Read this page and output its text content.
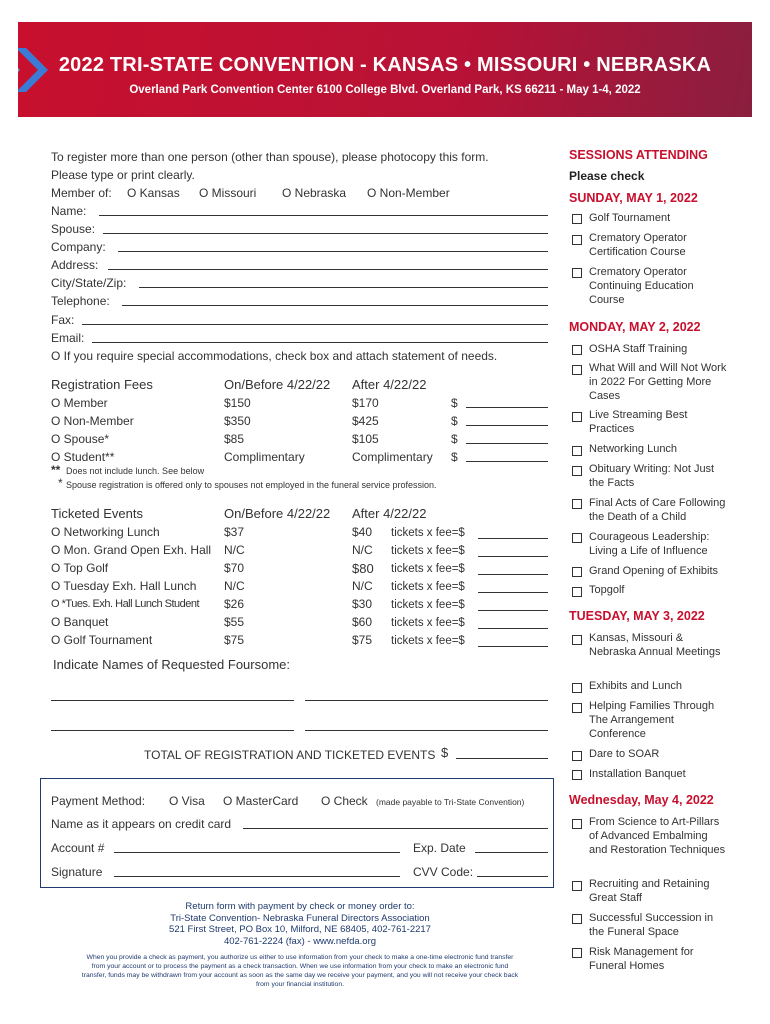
2022 TRI-STATE CONVENTION - KANSAS • MISSOURI • NEBRASKA
Overland Park Convention Center 6100 College Blvd. Overland Park, KS 66211 - May 1-4, 2022
To register more than one person (other than spouse), please photocopy this form.
Please type or print clearly.
Member of: O Kansas O Missouri O Nebraska O Non-Member
Name:
Spouse:
Company:
Address:
City/State/Zip:
Telephone:
Fax:
Email:
O If you require special accommodations, check box and attach statement of needs.
Registration Fees	On/Before 4/22/22 After 4/22/22
O Member	$150	$170	$
O Non-Member	$350	$425	$
O Spouse*	$85	$105	$
O Student**	Complimentary	Complimentary $
** Does not include lunch. See below
* Spouse registration is offered only to spouses not employed in the funeral service profession.
Ticketed Events	On/Before 4/22/22 After 4/22/22
O Networking Lunch	$37	$40 tickets x fee=$
O Mon. Grand Open Exh. Hall N/C	N/C tickets x fee=$
O Top Golf	$70	$80 tickets x fee=$
O Tuesday Exh. Hall Lunch N/C	N/C tickets x fee=$
O *Tues. Exh. Hall Lunch Student $26	$30 tickets x fee=$
O Banquet	$55	$60 tickets x fee=$
O Golf Tournament	$75	$75 tickets x fee=$
Indicate Names of Requested Foursome:
TOTAL OF REGISTRATION AND TICKETED EVENTS $
Payment Method: O Visa O MasterCard O Check (made payable to Tri-State Convention)
Name as it appears on credit card
Account #	Exp. Date
Signature	CVV Code:
Return form with payment by check or money order to:
Tri-State Convention- Nebraska Funeral Directors Association
521 First Street, PO Box 10, Milford, NE 68405, 402-761-2217
402-761-2224 (fax) - www.nefda.org
When you provide a check as payment, you authorize us either to use information from your check to make a one-time electronic fund transfer
from your account or to process the payment as a check transaction. When we use information from your check to make an electronic fund
transfer, funds may be withdrawn from your account as soon as the same day we receive your payment, and you will not receive your check back
from your financial institution.
SESSIONS ATTENDING
Please check
SUNDAY, MAY 1, 2022
Golf Tournament
Crematory Operator Certification Course
Crematory Operator Continuing Education Course
MONDAY, MAY 2, 2022
OSHA Staff Training
What Will and Will Not Work in 2022 For Getting More Cases
Live Streaming Best Practices
Networking Lunch
Obituary Writing: Not Just the Facts
Final Acts of Care Following the Death of a Child
Courageous Leadership: Living a Life of Influence
Grand Opening of Exhibits
Topgolf
TUESDAY, MAY 3, 2022
Kansas, Missouri & Nebraska Annual Meetings
Exhibits and Lunch
Helping Families Through The Arrangement Conference
Dare to SOAR
Installation Banquet
Wednesday, May 4, 2022
From Science to Art-Pillars of Advanced Embalming and Restoration Techniques
Recruiting and Retaining Great Staff
Successful Succession in the Funeral Space
Risk Management for Funeral Homes
